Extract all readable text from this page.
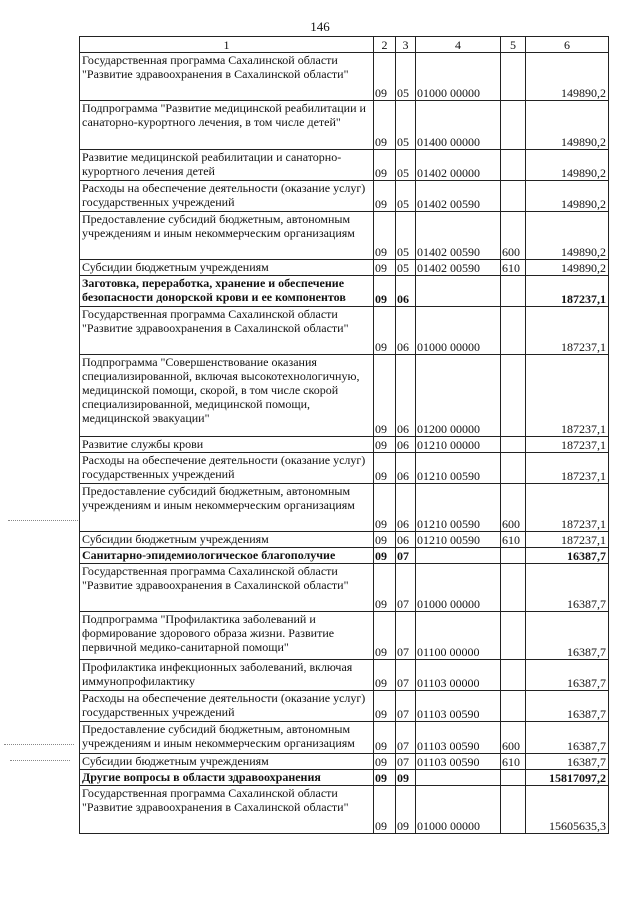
146
1	2	3	4	5	6
Государственная программа Сахалинской области "Развитие здравоохранения в Сахалинской области"	09	05	01000 00000		149890,2
Подпрограмма "Развитие медицинской реабилитации и санаторно-курортного лечения, в том числе детей"	09	05	01400 00000		149890,2
Развитие медицинской реабилитации и санаторно-курортного лечения детей	09	05	01402 00000		149890,2
Расходы на обеспечение деятельности (оказание услуг) государственных учреждений	09	05	01402 00590		149890,2
Предоставление субсидий бюджетным, автономным учреждениям и иным некоммерческим организациям	09	05	01402 00590	600	149890,2
Субсидии бюджетным учреждениям	09	05	01402 00590	610	149890,2
Заготовка, переработка, хранение и обеспечение безопасности донорской крови и ее компонентов	09	06			187237,1
Государственная программа Сахалинской области "Развитие здравоохранения в Сахалинской области"	09	06	01000 00000		187237,1
Подпрограмма "Совершенствование оказания специализированной, включая высокотехнологичную, медицинской помощи, скорой, в том числе скорой специализированной, медицинской помощи, медицинской эвакуации"	09	06	01200 00000		187237,1
Развитие службы крови	09	06	01210 00000		187237,1
Расходы на обеспечение деятельности (оказание услуг) государственных учреждений	09	06	01210 00590		187237,1
Предоставление субсидий бюджетным, автономным учреждениям и иным некоммерческим организациям	09	06	01210 00590	600	187237,1
Субсидии бюджетным учреждениям	09	06	01210 00590	610	187237,1
Санитарно-эпидемиологическое благополучие	09	07			16387,7
Государственная программа Сахалинской области "Развитие здравоохранения в Сахалинской области"	09	07	01000 00000		16387,7
Подпрограмма "Профилактика заболеваний и формирование здорового образа жизни. Развитие первичной медико-санитарной помощи"	09	07	01100 00000		16387,7
Профилактика инфекционных заболеваний, включая иммунопрофилактику	09	07	01103 00000		16387,7
Расходы на обеспечение деятельности (оказание услуг) государственных учреждений	09	07	01103 00590		16387,7
Предоставление субсидий бюджетным, автономным учреждениям и иным некоммерческим организациям	09	07	01103 00590	600	16387,7
Субсидии бюджетным учреждениям	09	07	01103 00590	610	16387,7
Другие вопросы в области здравоохранения	09	09			15817097,2
Государственная программа Сахалинской области "Развитие здравоохранения в Сахалинской области"	09	09	01000 00000		15605635,3
